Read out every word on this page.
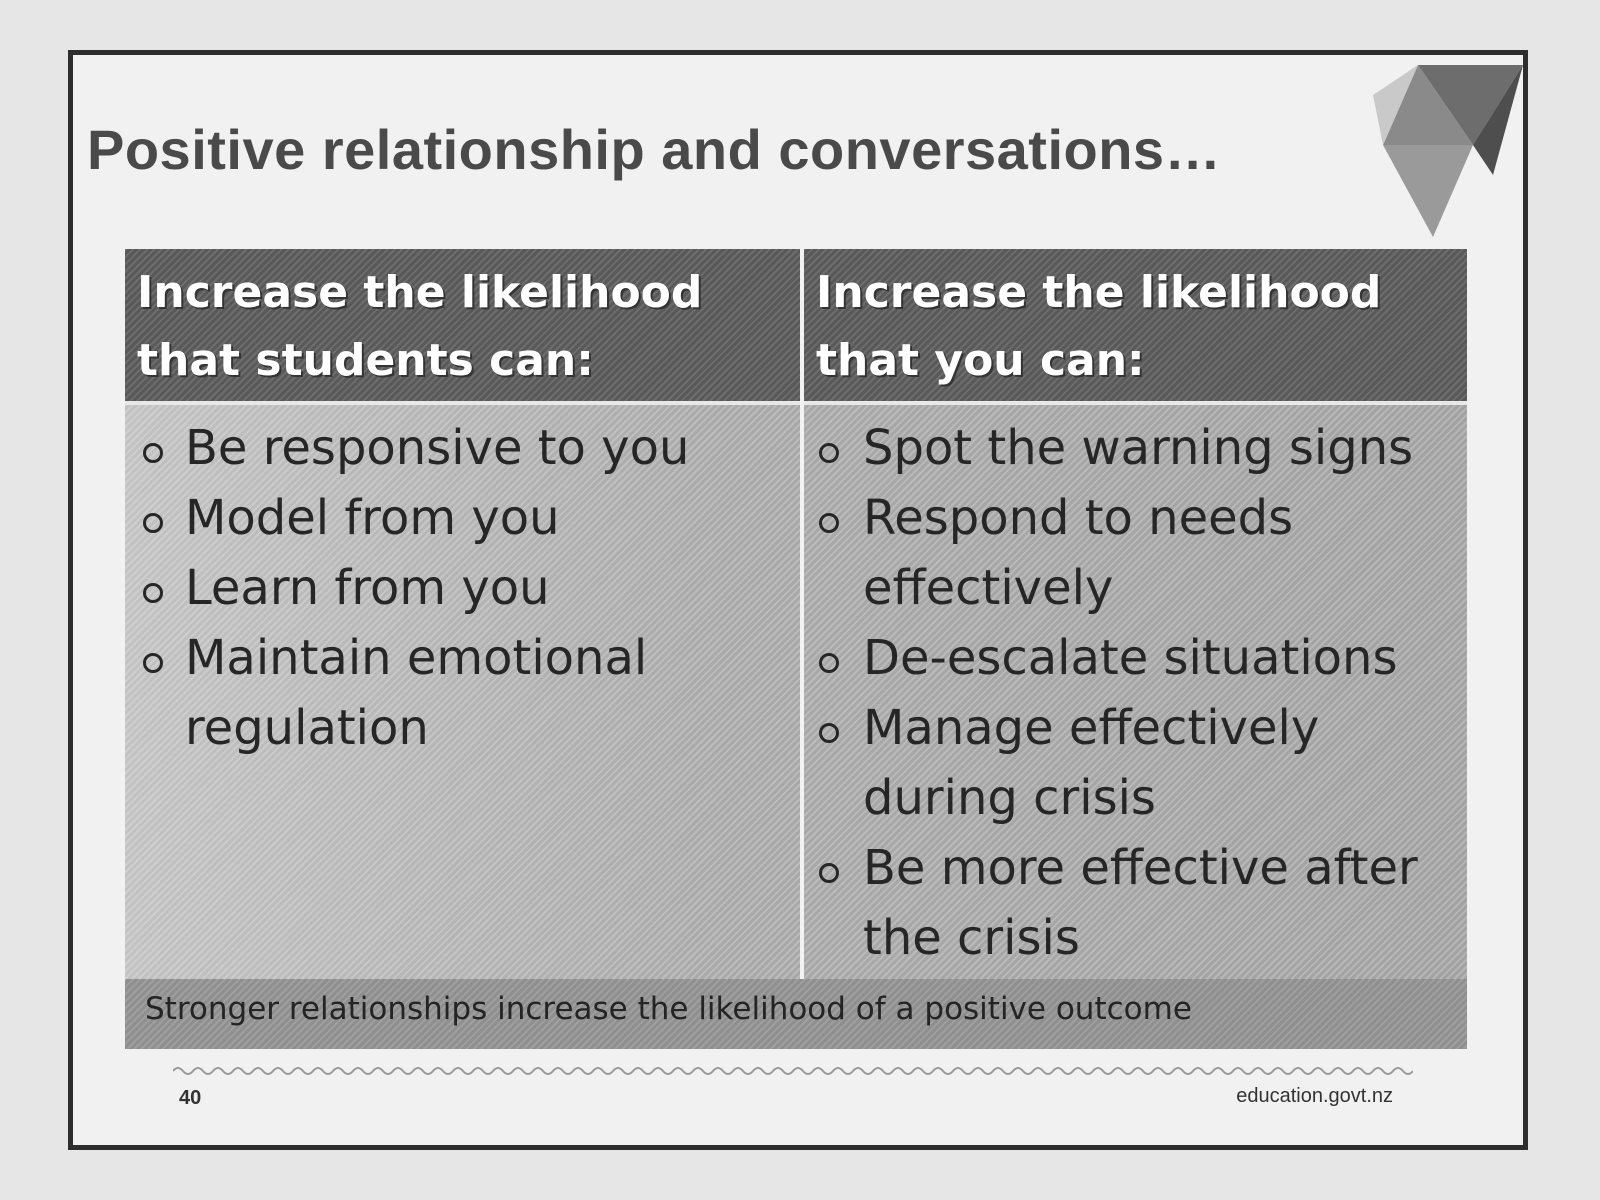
Positive relationship and conversations…
Increase the likelihood
that students can:
Increase the likelihood
that you can:
Be responsive to you
Model from you
Learn from you
Maintain emotional regulation
Spot the warning signs
Respond to needs effectively
De-escalate situations
Manage effectively during crisis
Be more effective after the crisis
Stronger relationships increase the likelihood of a positive outcome
40	education.govt.nz
